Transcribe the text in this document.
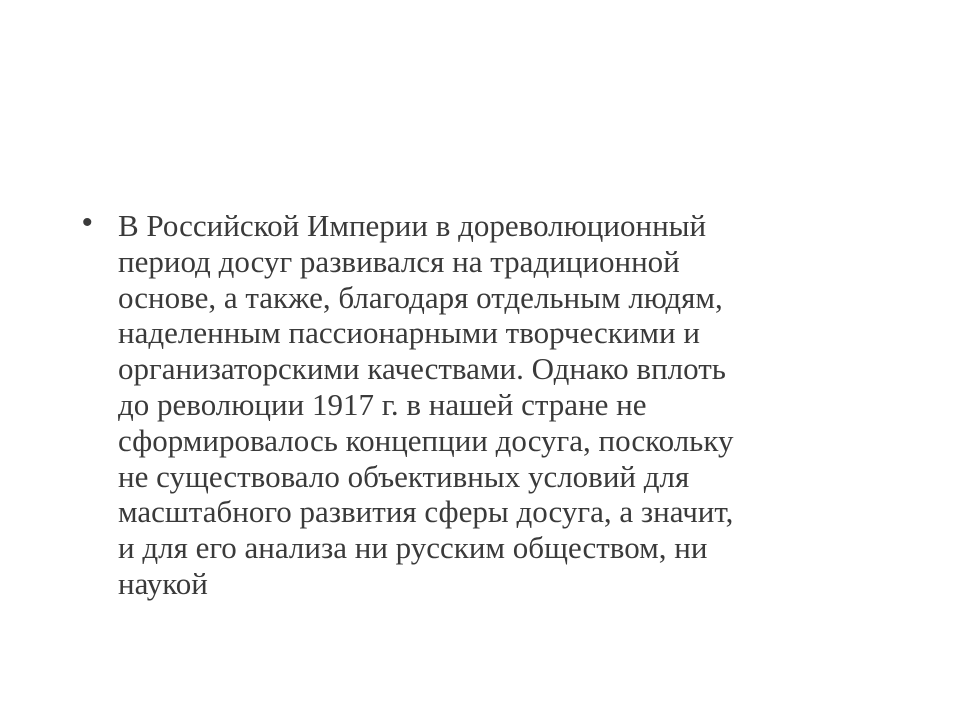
• В Российской Империи в дореволюционный
период досуг развивался на традиционной
основе, а также, благодаря отдельным людям,
наделенным пассионарными творческими и
организаторскими качествами. Однако вплоть
до революции 1917 г. в нашей стране не
сформировалось концепции досуга, поскольку
не существовало объективных условий для
масштабного развития сферы досуга, а значит,
и для его анализа ни русским обществом, ни
наукой
